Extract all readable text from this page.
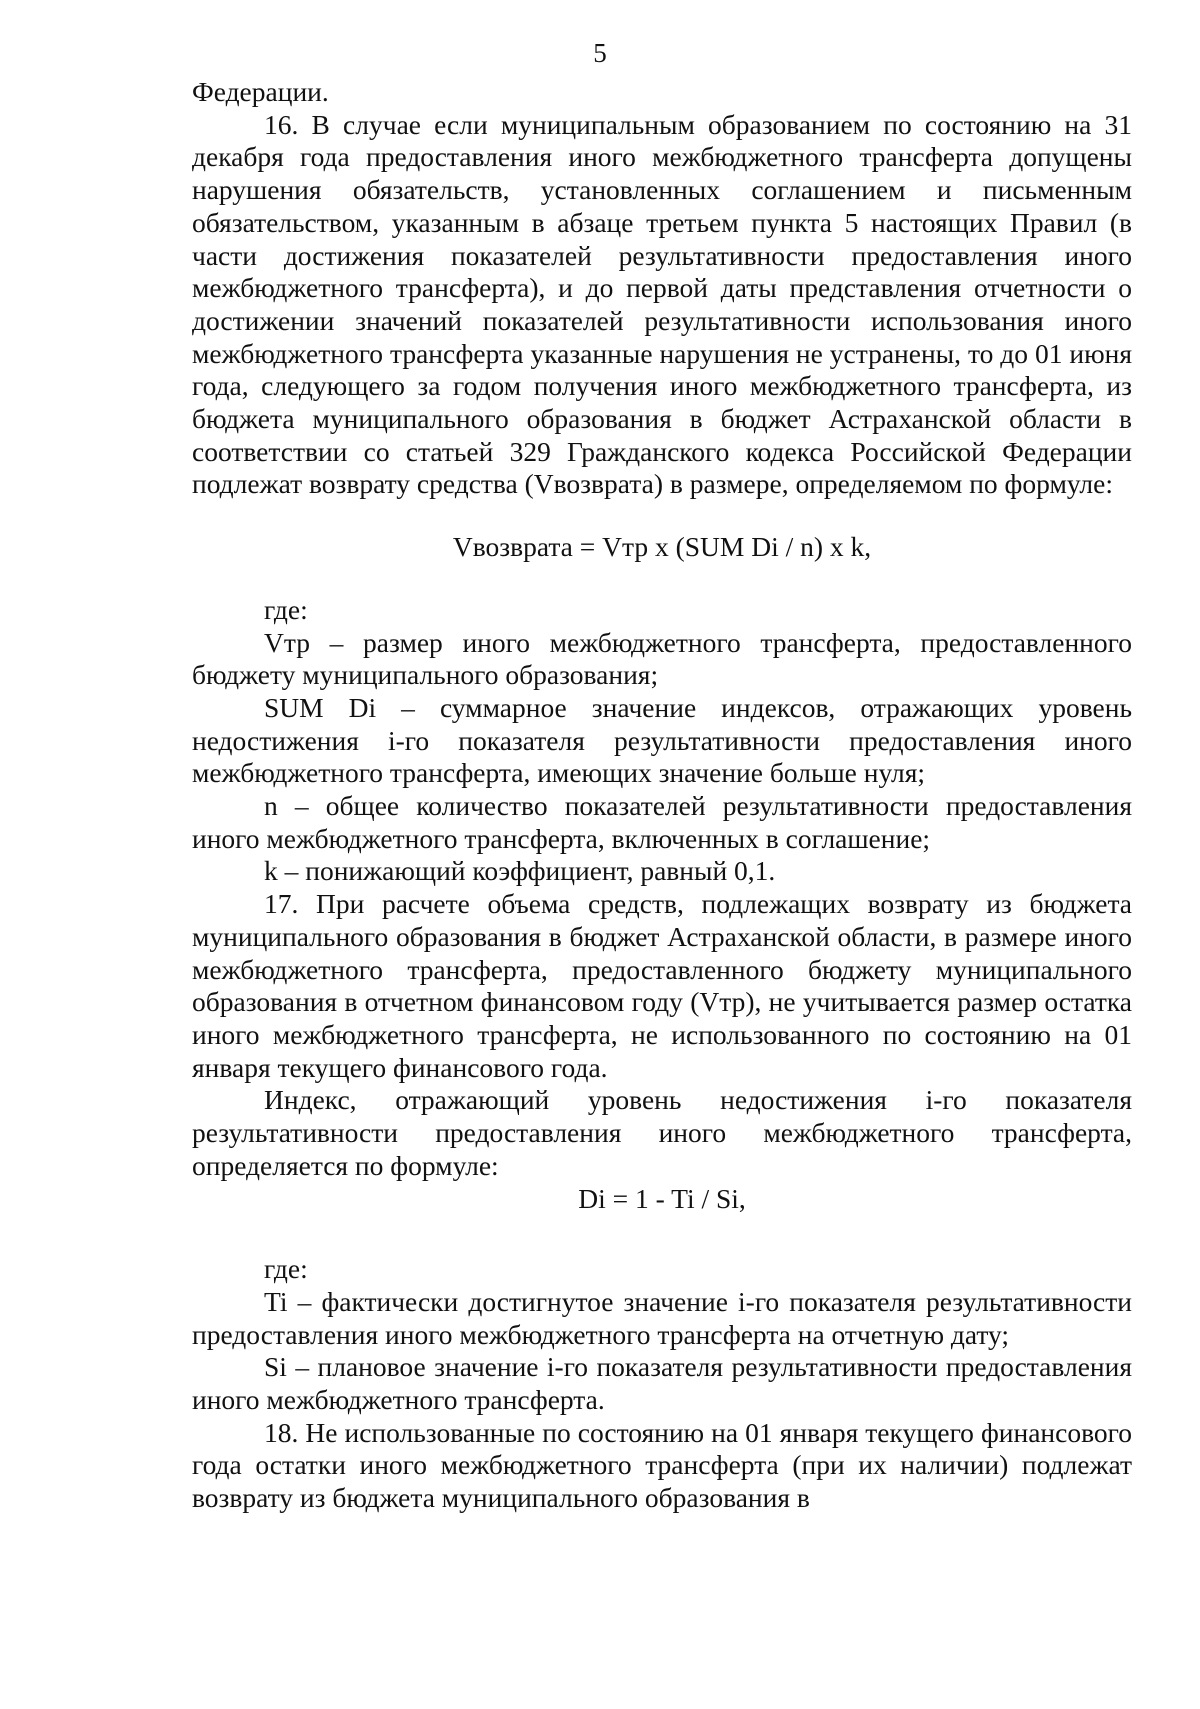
5

Федерации.

16. В случае если муниципальным образованием по состоянию на 31 декабря года предоставления иного межбюджетного трансферта допущены нарушения обязательств, установленных соглашением и письменным обязательством, указанным в абзаце третьем пункта 5 настоящих Правил (в части достижения показателей результативности предоставления иного межбюджетного трансферта), и до первой даты представления отчетности о достижении значений показателей результативности использования иного межбюджетного трансферта указанные нарушения не устранены, то до 01 июня года, следующего за годом получения иного межбюджетного трансферта, из бюджета муниципального образования в бюджет Астраханской области в соответствии со статьей 329 Гражданского кодекса Российской Федерации подлежат возврату средства (Vвозврата) в размере, определяемом по формуле:

Vвозврата = Vтр x (SUM Di / n) x k,

где:

Vтр – размер иного межбюджетного трансферта, предоставленного бюджету муниципального образования;

SUM Di – суммарное значение индексов, отражающих уровень недостижения i-го показателя результативности предоставления иного межбюджетного трансферта, имеющих значение больше нуля;

n – общее количество показателей результативности предоставления иного межбюджетного трансферта, включенных в соглашение;

k – понижающий коэффициент, равный 0,1.

17. При расчете объема средств, подлежащих возврату из бюджета муниципального образования в бюджет Астраханской области, в размере иного межбюджетного трансферта, предоставленного бюджету муниципального образования в отчетном финансовом году (Vтр), не учитывается размер остатка иного межбюджетного трансферта, не использованного по состоянию на 01 января текущего финансового года.

Индекс, отражающий уровень недостижения i-го показателя результативности предоставления иного межбюджетного трансферта, определяется по формуле:

Di = 1 - Ti / Si,

где:

Ti – фактически достигнутое значение i-го показателя результативности предоставления иного межбюджетного трансферта на отчетную дату;

Si – плановое значение i-го показателя результативности предоставления иного межбюджетного трансферта.

18. Не использованные по состоянию на 01 января текущего финансового года остатки иного межбюджетного трансферта (при их наличии) подлежат возврату из бюджета муниципального образования в
